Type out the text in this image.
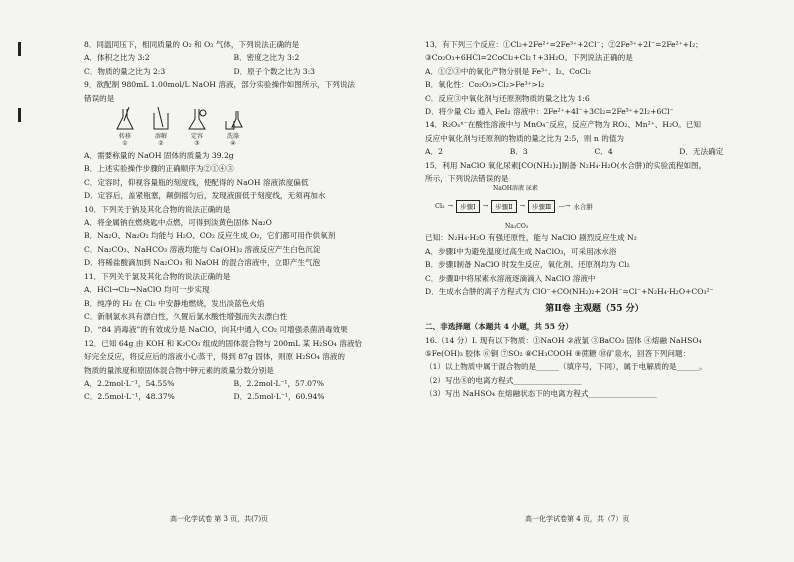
8．同温同压下，相同质量的 O₂ 和 O₃ 气体，下列说法正确的是
A．体积之比为 3:2	B．密度之比为 3:2
C．物质的量之比为 2:3	D．原子个数之比为 3:3
9．欲配制 980mL 1.00mol/L NaOH 溶液，部分实验操作如图所示，下列说法
错误的是
转移
①
溶解
②
定容
③
洗涤
④
A．需要称量的 NaOH 固体的质量为 39.2g
B．上述实验操作步骤的正确顺序为②①④③
C．定容时，仰视容量瓶的刻度线，使配得的 NaOH 溶液浓度偏低
D．定容后，盖紧瓶塞，颠倒摇匀后，发现液面低于刻度线，无须再加水
10．下列关于钠及其化合物的说法正确的是
A．将金属钠在燃烧匙中点燃，可得到淡黄色固体 Na₂O
B．Na₂O、Na₂O₂ 均能与 H₂O、CO₂ 反应生成 O₂，它们都可用作供氧剂
C．Na₂CO₃、NaHCO₃ 溶液均能与 Ca(OH)₂ 溶液反应产生白色沉淀
D．将稀盐酸滴加到 Na₂CO₃ 和 NaOH 的混合溶液中，立即产生气泡
11．下列关于氯及其化合物的说法正确的是
A．HCl→Cl₂→NaClO 均可一步实现
B．纯净的 H₂ 在 Cl₂ 中安静地燃烧，发出淡蓝色火焰
C．新制氯水具有漂白性，久置后氯水酸性增强而失去漂白性
D．“84 消毒液”的有效成分是 NaClO，向其中通入 CO₂ 可增强杀菌消毒效果
12．已知 64g 由 KOH 和 K₂CO₃ 组成的固体混合物与 200mL 某 H₂SO₄ 溶液恰
好完全反应，将反应后的溶液小心蒸干，得到 87g 固体，则原 H₂SO₄ 溶液的
物质的量浓度和原固体混合物中钾元素的质量分数分别是
A．2.2mol·L⁻¹，54.55%	B．2.2mol·L⁻¹，57.07%
C．2.5mol·L⁻¹，48.37%	D．2.5mol·L⁻¹，60.94%
高一化学试卷 第 3 页，共(7)页
13．有下列三个反应：①Cl₂+2Fe²⁺=2Fe³⁺+2Cl⁻；②2Fe³⁺+2I⁻=2Fe²⁺+I₂；
③Co₂O₃+6HCl=2CoCl₂+Cl₂↑+3H₂O。下列说法正确的是
A．①②③中的氧化产物分别是 Fe³⁺、I₂、CoCl₂
B．氧化性：Co₂O₃>Cl₂>Fe³⁺>I₂
C．反应③中氧化剂与还原剂物质的量之比为 1:6
D．将少量 Cl₂ 通入 FeI₂ 溶液中：2Fe²⁺+4I⁻+3Cl₂=2Fe³⁺+2I₂+6Cl⁻
14．R₂Oₓⁿ⁻在酸性溶液中与 MnO₄⁻反应，反应产物为 RO₂、Mn²⁺、H₂O。已知
反应中氧化剂与还原剂的物质的量之比为 2:5，则 n 的值为
A．2	B．3	C．4	D．无法确定
15．利用 NaClO 氧化尿素[CO(NH₂)₂]制备 N₂H₄·H₂O(水合肼)的实验流程如图。
所示，下列说法错误的是
NaOH溶液 尿素
Cl₂ →	步骤Ⅰ	→	步骤Ⅱ	→	步骤Ⅲ	—→ 水合肼
Na₂CO₃
已知：N₂H₄·H₂O 有强还原性，能与 NaClO 剧烈反应生成 N₂
A．步骤Ⅰ中为避免温度过高生成 NaClO₃，可采用冰水浴
B．步骤Ⅰ制备 NaClO 时发生反应，氧化剂、还原剂均为 Cl₂
C．步骤Ⅱ中将尿素水溶液逐滴滴入 NaClO 溶液中
D．生成水合肼的离子方程式为 ClO⁻+CO(NH₂)₂+2OH⁻=Cl⁻+N₂H₄·H₂O+CO₃²⁻
第Ⅱ卷 主观题（55 分）
二、非选择题（本题共 4 小题，共 55 分）
16.（14 分）Ⅰ. 现有以下物质：①NaOH ②液氯 ③BaCO₃ 固体 ④熔融 NaHSO₄
⑤Fe(OH)₃ 胶体 ⑥铜 ⑦SO₂ ⑧CH₃COOH ⑨蔗糖 ⑩矿泉水，回答下列问题：
（1）以上物质中属于混合物的是______（填序号，下同），属于电解质的是______。
（2）写出⑧的电离方程式__________________
（3）写出 NaHSO₄ 在熔融状态下的电离方程式__________________
高一化学试卷第 4 页，共（7）页
